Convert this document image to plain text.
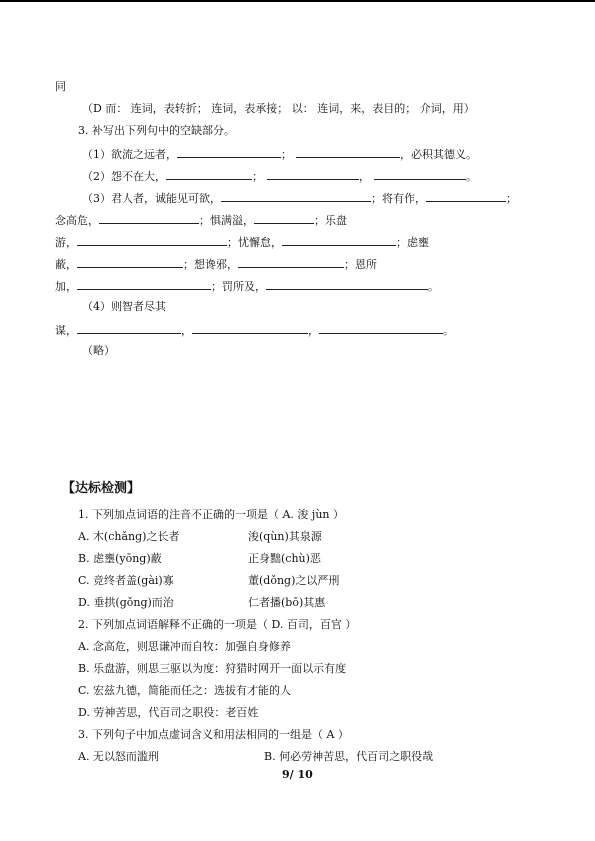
同
（D 而： 连词，表转折； 连词，表承接； 以： 连词，来，表目的； 介词，用）
3. 补写出下列句中的空缺部分。
（1）欲流之远者，	；	，必积其德义。
（2）怨不在大，	；	，	。
（3）君人者，诚能见可欲，	；将有作，	；
念高危，	；惧满溢，	；乐盘
游，	；忧懈怠，	；虑壅
蔽，	；想谗邪，	；恩所
加，	；罚所及，	。
（4）则智者尽其
谋，	，	，	。
（略）
【达标检测】
1. 下列加点词语的注音不正确的一项是（ A. 浚 jùn ）
A. 木(chǎng)之长者	浚(qùn)其泉源
B. 虑壅(yōng)蔽	正身黜(chù)恶
C. 竞终者盖(gài)寡	董(dǒng)之以严刑
D. 垂拱(gǒng)而治	仁者播(bō)其惠
2. 下列加点词语解释不正确的一项是（ D. 百司，百官 ）
A. 念高危，则思谦冲而自牧：加强自身修养
B. 乐盘游，则思三驱以为度：狩猎时网开一面以示有度
C. 宏兹九德，简能而任之：选拔有才能的人
D. 劳神苦思，代百司之职役：老百姓
3. 下列句子中加点虚词含义和用法相同的一组是（ A ）
A. 无以怒而滥刑	B. 何必劳神苦思，代百司之职役哉
9/ 10
